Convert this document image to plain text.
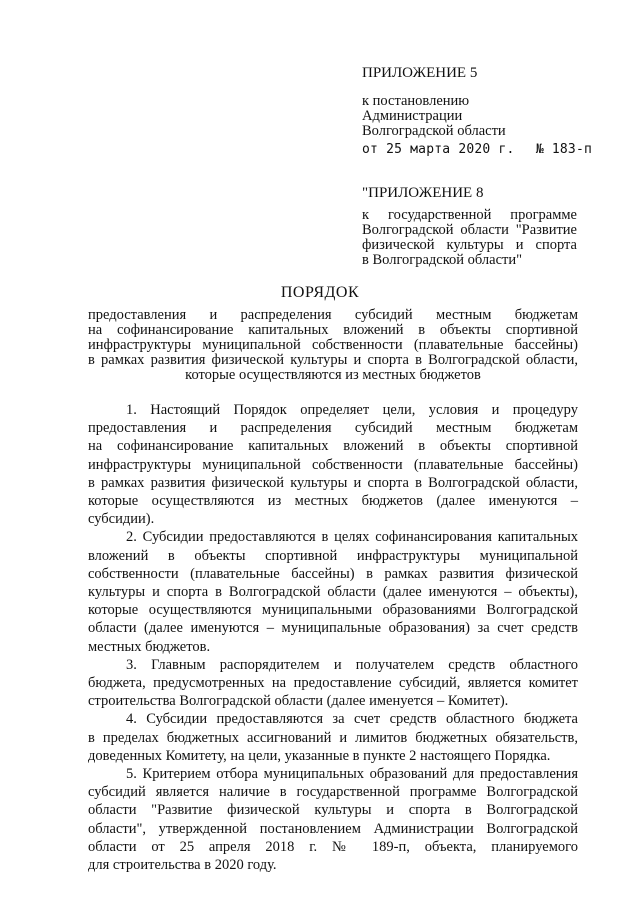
ПРИЛОЖЕНИЕ 5
к постановлению
Администрации
Волгоградской области
от 25 марта 2020 г. № 183-п
"ПРИЛОЖЕНИЕ 8
к государственной программе
Волгоградской области "Развитие
физической культуры и спорта
в Волгоградской области"
ПОРЯДОК
предоставления и распределения субсидий местным бюджетам
на софинансирование капитальных вложений в объекты спортивной
инфраструктуры муниципальной собственности (плавательные бассейны)
в рамках развития физической культуры и спорта в Волгоградской области,
которые осуществляются из местных бюджетов
1. Настоящий Порядок определяет цели, условия и процедуру
предоставления и распределения субсидий местным бюджетам
на софинансирование капитальных вложений в объекты спортивной
инфраструктуры муниципальной собственности (плавательные бассейны)
в рамках развития физической культуры и спорта в Волгоградской области,
которые осуществляются из местных бюджетов (далее именуются –
субсидии).
2. Субсидии предоставляются в целях софинансирования капитальных
вложений в объекты спортивной инфраструктуры муниципальной
собственности (плавательные бассейны) в рамках развития физической
культуры и спорта в Волгоградской области (далее именуются – объекты),
которые осуществляются муниципальными образованиями Волгоградской
области (далее именуются – муниципальные образования) за счет средств
местных бюджетов.
3. Главным распорядителем и получателем средств областного
бюджета, предусмотренных на предоставление субсидий, является комитет
строительства Волгоградской области (далее именуется – Комитет).
4. Субсидии предоставляются за счет средств областного бюджета
в пределах бюджетных ассигнований и лимитов бюджетных обязательств,
доведенных Комитету, на цели, указанные в пункте 2 настоящего Порядка.
5. Критерием отбора муниципальных образований для предоставления
субсидий является наличие в государственной программе Волгоградской
области "Развитие физической культуры и спорта в Волгоградской
области", утвержденной постановлением Администрации Волгоградской
области от 25 апреля 2018 г. № 189-п, объекта, планируемого
для строительства в 2020 году.
